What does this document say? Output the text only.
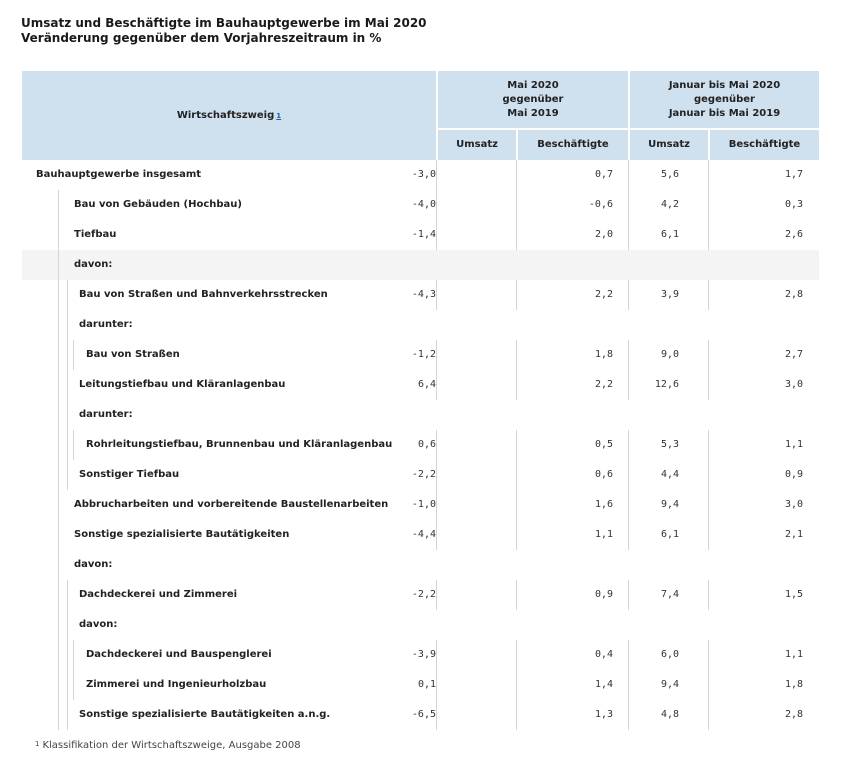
Umsatz und Beschäftigte im Bauhauptgewerbe im Mai 2020
Veränderung gegenüber dem Vorjahreszeitraum in %
Wirtschaftszweig 1
Mai 2020
gegenüber
Mai 2019
Januar bis Mai 2020
gegenüber
Januar bis Mai 2019
Umsatz	Beschäftigte	Umsatz	Beschäftigte
Bauhauptgewerbe insgesamt	-3,0	0,7	5,6	1,7
Bau von Gebäuden (Hochbau)	-4,0	-0,6	4,2	0,3
Tiefbau	-1,4	2,0	6,1	2,6
davon:
Bau von Straßen und Bahnverkehrsstrecken	-4,3	2,2	3,9	2,8
darunter:
Bau von Straßen	-1,2	1,8	9,0	2,7
Leitungstiefbau und Kläranlagenbau	6,4	2,2	12,6	3,0
darunter:
Rohrleitungstiefbau, Brunnenbau und Kläranlagenbau	0,6	0,5	5,3	1,1
Sonstiger Tiefbau	-2,2	0,6	4,4	0,9
Abbrucharbeiten und vorbereitende Baustellenarbeiten -1,0	1,6	9,4	3,0
Sonstige spezialisierte Bautätigkeiten	-4,4	1,1	6,1	2,1
davon:
Dachdeckerei und Zimmerei	-2,2	0,9	7,4	1,5
davon:
Dachdeckerei und Bauspenglerei	-3,9	0,4	6,0	1,1
Zimmerei und Ingenieurholzbau	0,1	1,4	9,4	1,8
Sonstige spezialisierte Bautätigkeiten a.n.g.	-6,5	1,3	4,8	2,8
$^1$ Klassifikation der Wirtschaftszweige, Ausgabe 2008
